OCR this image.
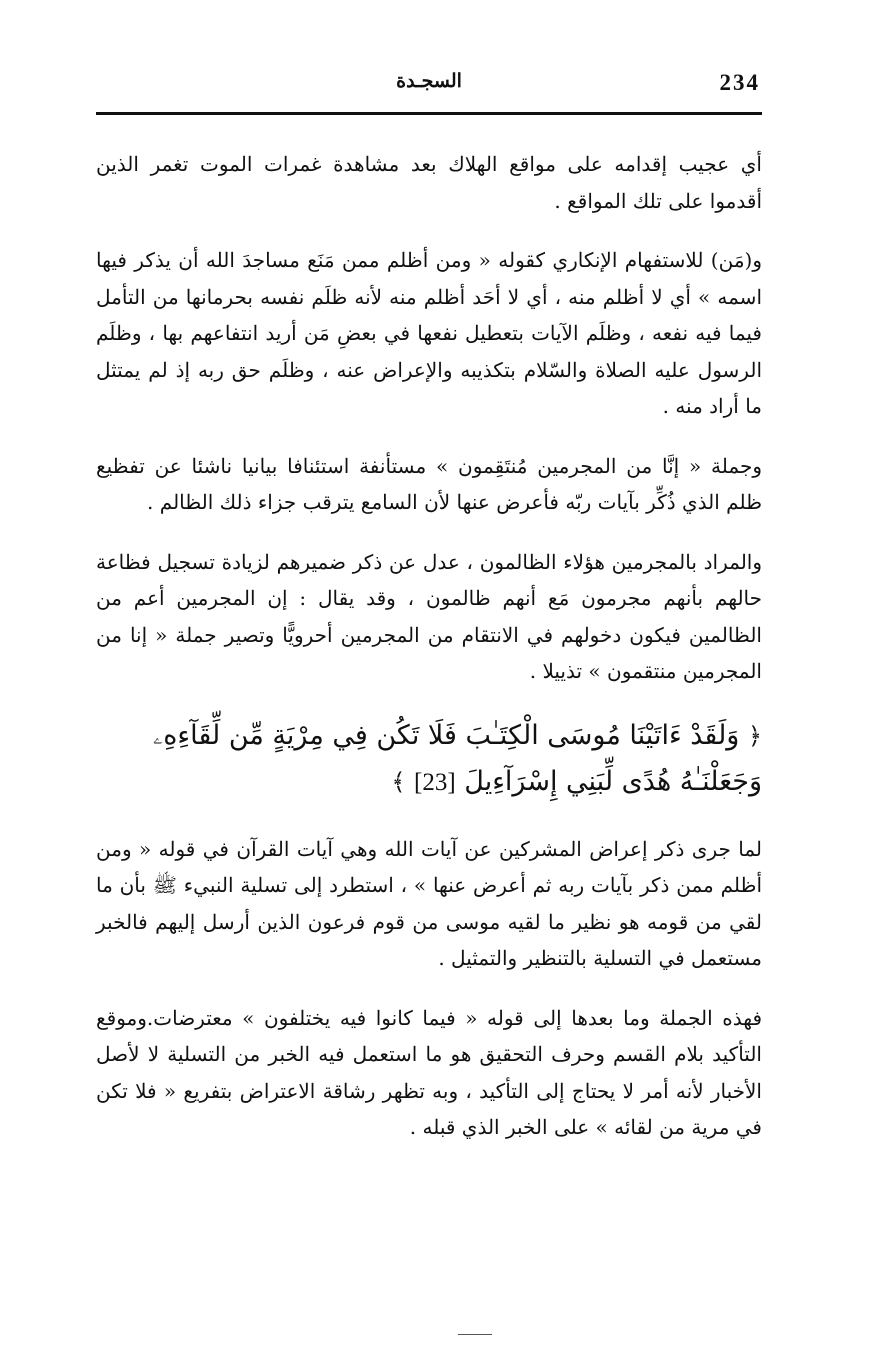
234
السجـدة

أي عجيب إقدامه على مواقع الهلاك بعد مشاهدة غمرات الموت تغمر الذين أقدموا على تلك المواقع .

و(مَن) للاستفهام الإنكاري كقوله « ومن أظلم ممن مَنَع مساجدَ الله أن يذكر فيها اسمه » أي لا أظلم منه ، أي لا أحَد أظلم منه لأنه ظلَم نفسه بحرمانها من التأمل فيما فيه نفعه ، وظلَم الآيات بتعطيل نفعها في بعضِ مَن أريد انتفاعهم بها ، وظلَم الرسول عليه الصلاة والسّلام بتكذيبه والإعراض عنه ، وظلَم حق ربه إذ لم يمتثل ما أراد منه .

وجملة « إنَّا من المجرمين مُنتَقِمون » مستأنفة استئنافا بيانيا ناشئا عن تفظيع ظلم الذي ذُكِّر بآيات ربّه فأعرض عنها لأن السامع يترقب جزاء ذلك الظالم .

والمراد بالمجرمين هؤلاء الظالمون ، عدل عن ذكر ضميرهم لزيادة تسجيل فظاعة حالهم بأنهم مجرمون مَع أنهم ظالمون ، وقد يقال : إن المجرمين أعم من الظالمين فيكون دخولهم في الانتقام من المجرمين أحرويًّا وتصير جملة « إنا من المجرمين منتقمون » تذييلا .

﴿ وَلَقَدْ ءَاتَيْنَا مُوسَى الْكِتَـٰبَ فَلَا تَكُن فِي مِرْيَةٍ مِّن لِّقَآءِهِۦ وَجَعَلْنَـٰهُ هُدًى لِّبَنِي إِسْرَآءِيلَ [23] ﴾

لما جرى ذكر إعراض المشركين عن آيات الله وهي آيات القرآن في قوله « ومن أظلم ممن ذكر بآيات ربه ثم أعرض عنها » ، استطرد إلى تسلية النبيء ﷺ بأن ما لقي من قومه هو نظير ما لقيه موسى من قوم فرعون الذين أرسل إليهم فالخبر مستعمل في التسلية بالتنظير والتمثيل .

فهذه الجملة وما بعدها إلى قوله « فيما كانوا فيه يختلفون » معترضات.وموقع التأكيد بلام القسم وحرف التحقيق هو ما استعمل فيه الخبر من التسلية لا لأصل الأخبار لأنه أمر لا يحتاج إلى التأكيد ، وبه تظهر رشاقة الاعتراض بتفريع « فلا تكن في مرية من لقائه » على الخبر الذي قبله .
